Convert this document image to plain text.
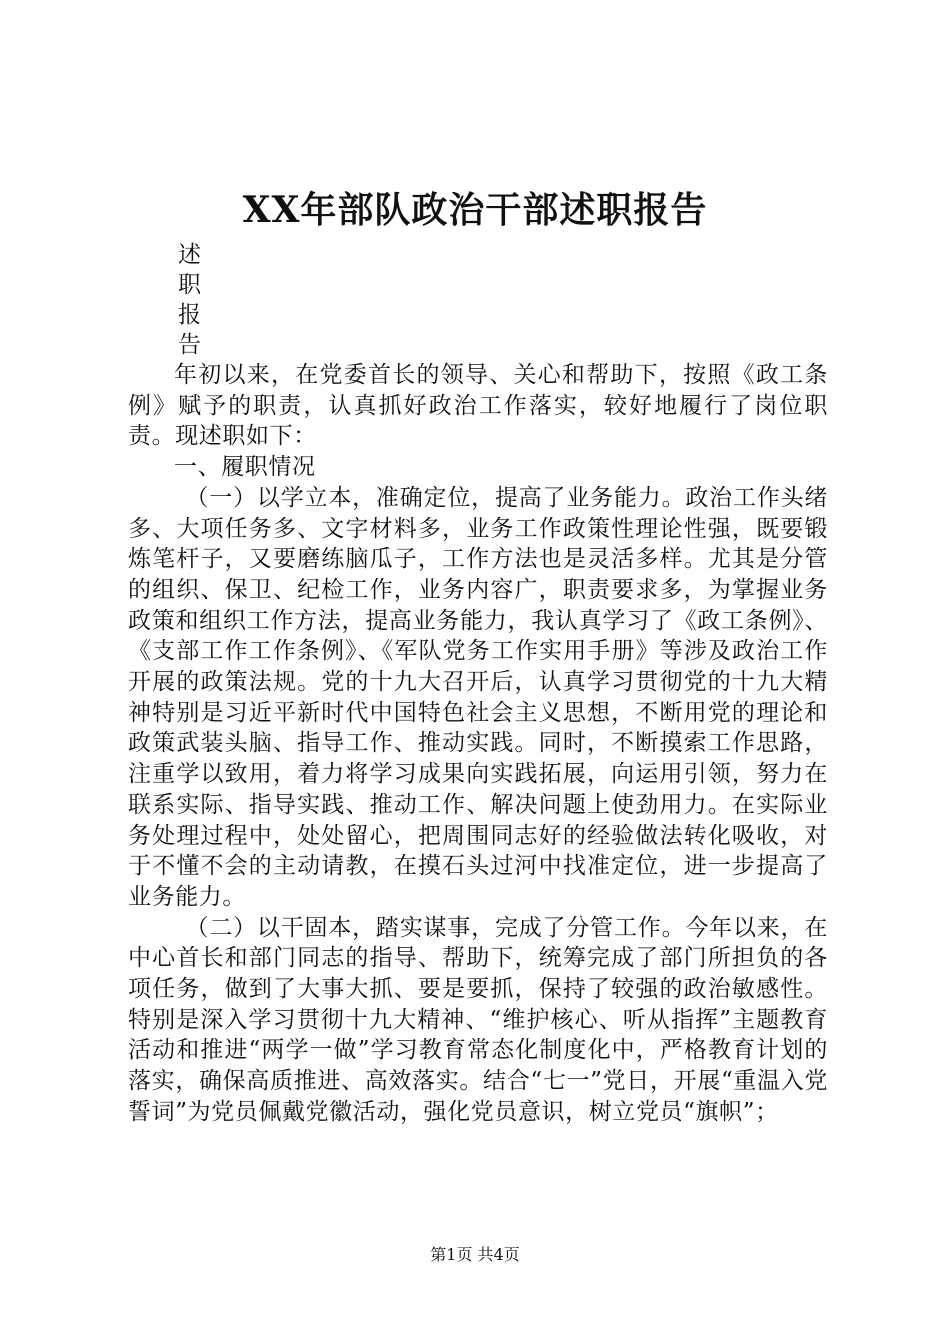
XX年部队政治干部述职报告
述
职
报
告

年初以来，在党委首长的领导、关心和帮助下，按照《政工条例》赋予的职责，认真抓好政治工作落实，较好地履行了岗位职责。现述职如下：

一、履职情况

（一）以学立本，准确定位，提高了业务能力。政治工作头绪多、大项任务多、文字材料多，业务工作政策性理论性强，既要锻炼笔杆子，又要磨练脑瓜子，工作方法也是灵活多样。尤其是分管的组织、保卫、纪检工作，业务内容广，职责要求多，为掌握业务政策和组织工作方法，提高业务能力，我认真学习了《政工条例》、《支部工作工作条例》、《军队党务工作实用手册》等涉及政治工作开展的政策法规。党的十九大召开后，认真学习贯彻党的十九大精神特别是习近平新时代中国特色社会主义思想，不断用党的理论和政策武装头脑、指导工作、推动实践。同时，不断摸索工作思路，注重学以致用，着力将学习成果向实践拓展，向运用引领，努力在联系实际、指导实践、推动工作、解决问题上使劲用力。在实际业务处理过程中，处处留心，把周围同志好的经验做法转化吸收，对于不懂不会的主动请教，在摸石头过河中找准定位，进一步提高了业务能力。

（二）以干固本，踏实谋事，完成了分管工作。今年以来，在中心首长和部门同志的指导、帮助下，统筹完成了部门所担负的各项任务，做到了大事大抓、要是要抓，保持了较强的政治敏感性。特别是深入学习贯彻十九大精神、“维护核心、听从指挥”主题教育活动和推进“两学一做”学习教育常态化制度化中，严格教育计划的落实，确保高质推进、高效落实。结合“七一”党日，开展“重温入党誓词”为党员佩戴党徽活动，强化党员意识，树立党员“旗帜”；

第1页 共4页
